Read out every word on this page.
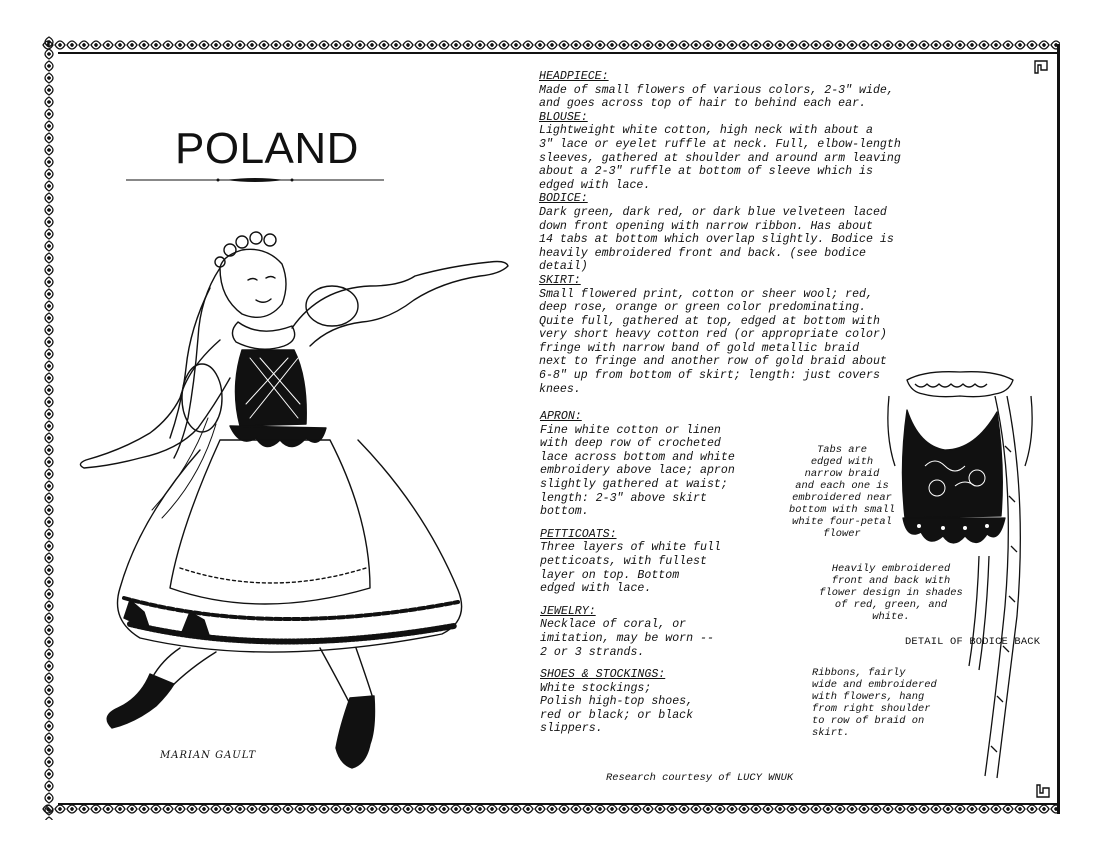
POLAND
MARIAN GAULT
HEADPIECE:
Made of small flowers of various colors, 2-3" wide,
and goes across top of hair to behind each ear.
BLOUSE:
Lightweight white cotton, high neck with about a
3" lace or eyelet ruffle at neck. Full, elbow-length
sleeves, gathered at shoulder and around arm leaving
about a 2-3" ruffle at bottom of sleeve which is
edged with lace.
BODICE:
Dark green, dark red, or dark blue velveteen laced
down front opening with narrow ribbon. Has about
14 tabs at bottom which overlap slightly. Bodice is
heavily embroidered front and back. (see bodice
detail)
SKIRT:
Small flowered print, cotton or sheer wool; red,
deep rose, orange or green color predominating.
Quite full, gathered at top, edged at bottom with
very short heavy cotton red (or appropriate color)
fringe with narrow band of gold metallic braid
next to fringe and another row of gold braid about
6-8" up from bottom of skirt; length: just covers
knees.
APRON:
Fine white cotton or linen
with deep row of crocheted
lace across bottom and white
embroidery above lace; apron
slightly gathered at waist;
length: 2-3" above skirt
bottom.
PETTICOATS:
Three layers of white full
petticoats, with fullest
layer on top. Bottom
edged with lace.
JEWELRY:
Necklace of coral, or
imitation, may be worn --
2 or 3 strands.
SHOES & STOCKINGS:
White stockings;
Polish high-top shoes,
red or black; or black
slippers.
Tabs are
edged with
narrow braid
and each one is
embroidered near
bottom with small
white four-petal
flower
Heavily embroidered
front and back with
flower design in shades
of red, green, and
white.
DETAIL OF BODICE BACK
Ribbons, fairly
wide and embroidered
with flowers, hang
from right shoulder
to row of braid on
skirt.
Research courtesy of LUCY WNUK
